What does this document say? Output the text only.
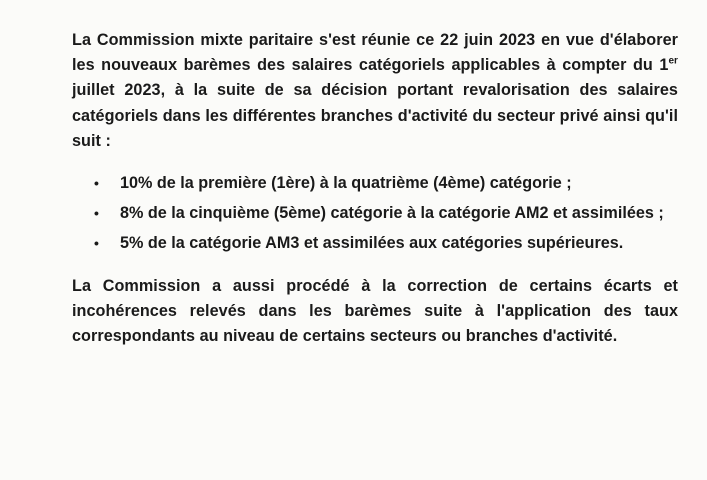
La Commission mixte paritaire s'est réunie ce 22 juin 2023 en vue d'élaborer les nouveaux barèmes des salaires catégoriels applicables à compter du 1er juillet 2023, à la suite de sa décision portant revalorisation des salaires catégoriels dans les différentes branches d'activité du secteur privé ainsi qu'il suit :

• 10% de la première (1ère) à la quatrième (4ème) catégorie ;
• 8% de la cinquième (5ème) catégorie à la catégorie AM2 et assimilées ;
• 5% de la catégorie AM3 et assimilées aux catégories supérieures.

La Commission a aussi procédé à la correction de certains écarts et incohérences relevés dans les barèmes suite à l'application des taux correspondants au niveau de certains secteurs ou branches d'activité.
